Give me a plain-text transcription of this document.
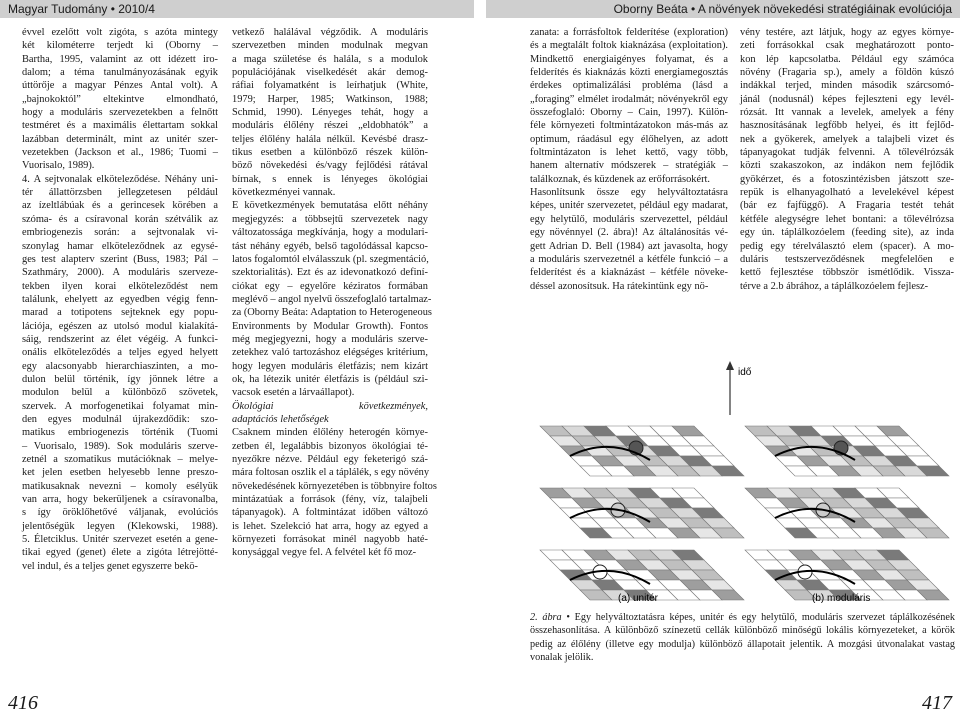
Magyar Tudomány • 2010/4	Oborny Beáta • A növények növekedési stratégiáinak evolúciója
évvel ezelőtt volt zigóta, s azóta mintegy
két kilométerre terjedt ki (Oborny –
Bartha, 1995, valamint az ott idézett iro-
dalom; a téma tanulmányozásának egyik
úttörője a magyar Pénzes Antal volt). A
„bajnokoktól” eltekintve elmondható,
hogy a moduláris szervezetekben a felnőtt
testméret és a maximális élettartam sokkal
lazábban determinált, mint az unitér szer-
vezetekben (Jackson et al., 1986; Tuomi –
Vuorisalo, 1989).
4. A sejtvonalak elköteleződése. Néhány uni-
tér állattörzsben jellegzetesen például
az ízeltlábúak és a gerincesek körében a
szóma- és a csíravonal korán szétválik az
embriogenezis során: a sejtvonalak vi-
szonylag hamar elköteleződnek az egysé-
ges test alapterv szerint (Buss, 1983; Pál –
Szathmáry, 2000). A moduláris szerveze-
tekben ilyen korai elköteleződést nem
találunk, ehelyett az egyedben végig fenn-
marad a totipotens sejteknek egy popu-
lációja, egészen az utolsó modul kialakítá-
sáig, rendszerint az élet végéig. A funkci-
onális elköteleződés a teljes egyed helyett
egy alacsonyabb hierarchiaszinten, a mo-
dulon belül történik, így jönnek létre a
modulon belül a különböző szövetek,
szervek. A morfogenetikai folyamat min-
den egyes modulnál újrakezdődik: szo-
matikus embriogenezis történik (Tuomi
– Vuorisalo, 1989). Sok moduláris szerve-
zetnél a szomatikus mutációknak – melye-
ket jelen esetben helyesebb lenne preszo-
matikusaknak nevezni – komoly esélyük
van arra, hogy bekerüljenek a csíravonalba,
s így öröklőhetővé váljanak, evolúciós
jelentőségük legyen (Klekowski, 1988).
5. Életciklus. Unitér szervezet esetén a gene-
tikai egyed (genet) élete a zigóta létrejötté-
vel indul, és a teljes genet egyszerre bekö-
vetkező halálával végződik. A moduláris
szervezetben minden modulnak megvan
a maga születése és halála, s a modulok
populációjának viselkedését akár demog-
ráfiai folyamatként is leírhatjuk (White,
1979; Harper, 1985; Watkinson, 1988;
Schmid, 1990). Lényeges tehát, hogy a
moduláris élőlény részei „eldobhatók” a
teljes élőlény halála nélkül. Kevésbé drasz-
tikus esetben a különböző részek külön-
böző növekedési és/vagy fejlődési rátával
bírnak, s ennek is lényeges ökológiai
következményei vannak.
E következmények bemutatása előtt néhány
megjegyzés: a többsejtű szervezetek nagy
változatossága megkívánja, hogy a modulari-
tást néhány egyéb, belső tagolódással kapcso-
latos fogalomtól elválasszuk (pl. szegmentáció,
szektorialitás). Ezt és az idevonatkozó definí-
ciókat egy – egyelőre kéziratos formában
meglévő – angol nyelvű összefoglaló tartalmaz-
za (Oborny Beáta: Adaptation to Heterogeneous
Environments by Modular Growth). Fontos
még megjegyezni, hogy a moduláris szerve-
zetekhez való tartozáshoz elégséges kritérium,
hogy legyen moduláris életfázis; nem kizárt
ok, ha létezik unitér életfázis is (például szi-
vacsok esetén a lárvaállapot).
Ökológiai következmények,
adaptációs lehetőségek
Csaknem minden élőlény heterogén környe-
zetben él, legalábbis bizonyos ökológiai té-
nyezőkre nézve. Például egy feketerigó szá-
mára foltosan oszlik el a táplálék, s egy növény
növekedésének környezetében is többnyire foltos
mintázatúak a források (fény, víz, talajbeli
tápanyagok). A foltmintázat időben változó
is lehet. Szelekció hat arra, hogy az egyed a
környezeti forrásokat minél nagyobb haté-
konysággal vegye fel. A felvétel két fő moz-
zanata: a forrásfoltok felderítése (exploration)
és a megtalált foltok kiaknázása (exploitation).
Mindkettő energiaigényes folyamat, és a
felderítés és kiaknázás közti energiamegosztás
érdekes optimalizálási probléma (lásd a
„foraging” elmélet irodalmát; növényekről egy
összefoglaló: Oborny – Cain, 1997). Külön-
féle környezeti foltmintázatokon más-más az
optimum, ráadásul egy élőhelyen, az adott
foltmintázaton is lehet kettő, vagy több,
hanem alternatív módszerek – stratégiák –
találkoznak, és küzdenek az erőforrásokért.
Hasonlítsunk össze egy helyváltoztatásra
képes, unitér szervezetet, például egy madarat,
egy helytülő, moduláris szervezettel, például
egy növénnyel (2. ábra)! Az általánosítás vé-
gett Adrian D. Bell (1984) azt javasolta, hogy
a moduláris szervezetnél a kétféle funkció – a
felderítést és a kiaknázást – kétféle növeke-
déssel azonosítsuk. Ha rátekintünk egy nö-
vény testére, azt látjuk, hogy az egyes környe-
zeti forrásokkal csak meghatározott ponto-
kon lép kapcsolatba. Például egy számóca
növény (Fragaria sp.), amely a földön kúszó
indákkal terjed, minden második szárcsomó-
jánál (nodusnál) képes fejleszteni egy levél-
rózsát. Itt vannak a levelek, amelyek a fény
hasznosításának legfőbb helyei, és itt fejlőd-
nek a gyökerek, amelyek a talajbeli vizet és
tápanyagokat tudják felvenni. A tőlevélrózsák
közti szakaszokon, az indákon nem fejlődik
gyökérzet, és a fotoszintézisben játszott sze-
repük is elhanyagolható a levelekével képest
(bár ez fajfüggő). A Fragaria testét tehát
kétféle alegységre lehet bontani: a tőlevélrózsa
egy ún. táplálkozóelem (feeding site), az inda
pedig egy térelválasztó elem (spacer). A mo-
duláris testszerveződésnek megfelelően e
kettő fejlesztése többször ismétlődik. Vissza-
térve a 2.b ábrához, a táplálkozóelem fejlesz-
idő
(a) unitér	(b) moduláris
2. ábra • Egy helyváltoztatásra képes, unitér és egy helytülő, moduláris szervezet táplálkozésének összehasonlítása. A különböző színezetű cellák különböző minőségű lokális környezeteket, a körök pedig az élőlény (illetve egy modulja) különböző állapotait jelentik. A mozgási útvonalakat vastag vonalak jelölik.
416	417
